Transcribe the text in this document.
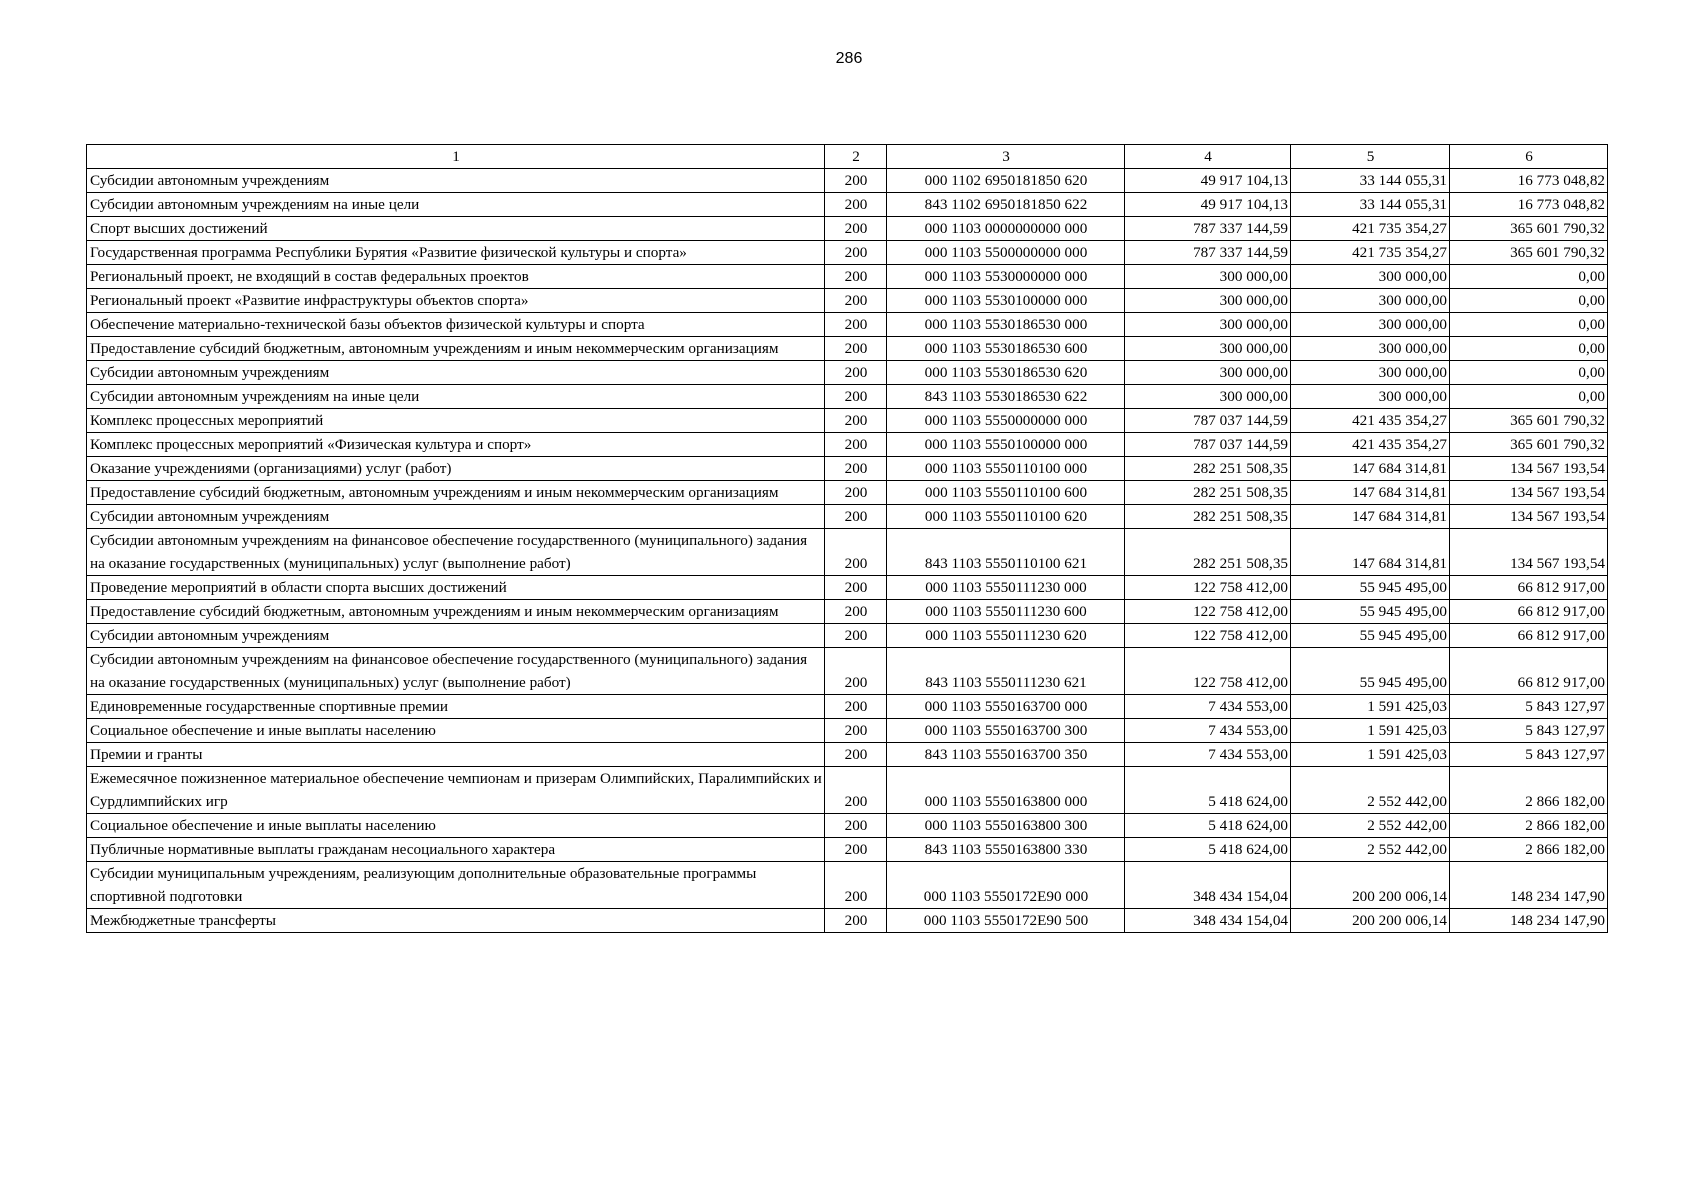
286
1	2	3	4	5	6
Субсидии автономным учреждениям	200	000 1102 6950181850 620	49 917 104,13	33 144 055,31	16 773 048,82
Субсидии автономным учреждениям на иные цели	200	843 1102 6950181850 622	49 917 104,13	33 144 055,31	16 773 048,82
Спорт высших достижений	200	000 1103 0000000000 000	787 337 144,59	421 735 354,27	365 601 790,32
Государственная программа Республики Бурятия «Развитие физической культуры и спорта»	200	000 1103 5500000000 000	787 337 144,59	421 735 354,27	365 601 790,32
Региональный проект, не входящий в состав федеральных проектов	200	000 1103 5530000000 000	300 000,00	300 000,00	0,00
Региональный проект «Развитие инфраструктуры объектов спорта»	200	000 1103 5530100000 000	300 000,00	300 000,00	0,00
Обеспечение материально-технической базы объектов физической культуры и спорта	200	000 1103 5530186530 000	300 000,00	300 000,00	0,00
Предоставление субсидий бюджетным, автономным учреждениям и иным некоммерческим организациям	200	000 1103 5530186530 600	300 000,00	300 000,00	0,00
Субсидии автономным учреждениям	200	000 1103 5530186530 620	300 000,00	300 000,00	0,00
Субсидии автономным учреждениям на иные цели	200	843 1103 5530186530 622	300 000,00	300 000,00	0,00
Комплекс процессных мероприятий	200	000 1103 5550000000 000	787 037 144,59	421 435 354,27	365 601 790,32
Комплекс процессных мероприятий «Физическая культура и спорт»	200	000 1103 5550100000 000	787 037 144,59	421 435 354,27	365 601 790,32
Оказание учреждениями (организациями) услуг (работ)	200	000 1103 5550110100 000	282 251 508,35	147 684 314,81	134 567 193,54
Предоставление субсидий бюджетным, автономным учреждениям и иным некоммерческим организациям	200	000 1103 5550110100 600	282 251 508,35	147 684 314,81	134 567 193,54
Субсидии автономным учреждениям	200	000 1103 5550110100 620	282 251 508,35	147 684 314,81	134 567 193,54
Субсидии автономным учреждениям на финансовое обеспечение государственного (муниципального) задания на оказание государственных (муниципальных) услуг (выполнение работ)	200	843 1103 5550110100 621	282 251 508,35	147 684 314,81	134 567 193,54
Проведение мероприятий в области спорта высших достижений	200	000 1103 5550111230 000	122 758 412,00	55 945 495,00	66 812 917,00
Предоставление субсидий бюджетным, автономным учреждениям и иным некоммерческим организациям	200	000 1103 5550111230 600	122 758 412,00	55 945 495,00	66 812 917,00
Субсидии автономным учреждениям	200	000 1103 5550111230 620	122 758 412,00	55 945 495,00	66 812 917,00
Субсидии автономным учреждениям на финансовое обеспечение государственного (муниципального) задания на оказание государственных (муниципальных) услуг (выполнение работ)	200	843 1103 5550111230 621	122 758 412,00	55 945 495,00	66 812 917,00
Единовременные государственные спортивные премии	200	000 1103 5550163700 000	7 434 553,00	1 591 425,03	5 843 127,97
Социальное обеспечение и иные выплаты населению	200	000 1103 5550163700 300	7 434 553,00	1 591 425,03	5 843 127,97
Премии и гранты	200	843 1103 5550163700 350	7 434 553,00	1 591 425,03	5 843 127,97
Ежемесячное пожизненное материальное обеспечение чемпионам и призерам Олимпийских, Паралимпийских и Сурдлимпийских игр	200	000 1103 5550163800 000	5 418 624,00	2 552 442,00	2 866 182,00
Социальное обеспечение и иные выплаты населению	200	000 1103 5550163800 300	5 418 624,00	2 552 442,00	2 866 182,00
Публичные нормативные выплаты гражданам несоциального характера	200	843 1103 5550163800 330	5 418 624,00	2 552 442,00	2 866 182,00
Субсидии муниципальным учреждениям, реализующим дополнительные образовательные программы спортивной подготовки	200	000 1103 5550172E90 000	348 434 154,04	200 200 006,14	148 234 147,90
Межбюджетные трансферты	200	000 1103 5550172E90 500	348 434 154,04	200 200 006,14	148 234 147,90
